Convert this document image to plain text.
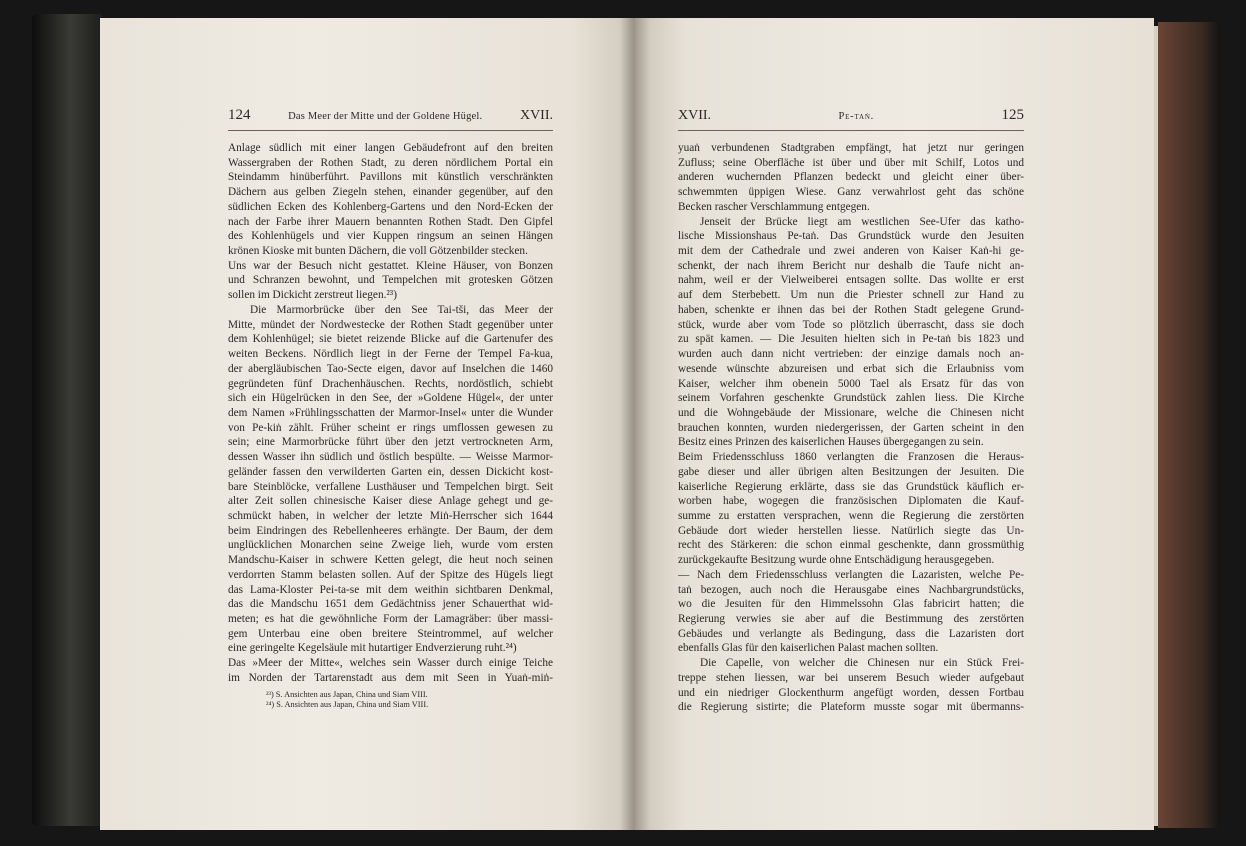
124	Das Meer der Mitte und der Goldene Hügel.	XVII.
Anlage südlich mit einer langen Gebäudefront auf den breiten
Wassergraben der Rothen Stadt, zu deren nördlichem Portal ein
Steindamm hinüberführt. Pavillons mit künstlich verschränkten
Dächern aus gelben Ziegeln stehen, einander gegenüber, auf den
südlichen Ecken des Kohlenberg-Gartens und den Nord-Ecken der
nach der Farbe ihrer Mauern benannten Rothen Stadt. Den Gipfel
des Kohlenhügels und vier Kuppen ringsum an seinen Hängen
krönen Kioske mit bunten Dächern, die voll Götzenbilder stecken.
Uns war der Besuch nicht gestattet. Kleine Häuser, von Bonzen
und Schranzen bewohnt, und Tempelchen mit grotesken Götzen
sollen im Dickicht zerstreut liegen.²³)
Die Marmorbrücke über den See Tai-tši, das Meer der
Mitte, mündet der Nordwestecke der Rothen Stadt gegenüber unter
dem Kohlenhügel; sie bietet reizende Blicke auf die Gartenufer des
weiten Beckens. Nördlich liegt in der Ferne der Tempel Fa-kua,
der abergläubischen Tao-Secte eigen, davor auf Inselchen die 1460
gegründeten fünf Drachenhäuschen. Rechts, nordöstlich, schiebt
sich ein Hügelrücken in den See, der »Goldene Hügel«, der unter
dem Namen »Frühlingsschatten der Marmor-Insel« unter die Wunder
von Pe-kiṅ zählt. Früher scheint er rings umflossen gewesen zu
sein; eine Marmorbrücke führt über den jetzt vertrockneten Arm,
dessen Wasser ihn südlich und östlich bespülte. — Weisse Marmor-
geländer fassen den verwilderten Garten ein, dessen Dickicht kost-
bare Steinblöcke, verfallene Lusthäuser und Tempelchen birgt. Seit
alter Zeit sollen chinesische Kaiser diese Anlage gehegt und ge-
schmückt haben, in welcher der letzte Miṅ-Herrscher sich 1644
beim Eindringen des Rebellenheeres erhängte. Der Baum, der dem
unglücklichen Monarchen seine Zweige lieh, wurde vom ersten
Mandschu-Kaiser in schwere Ketten gelegt, die heut noch seinen
verdorrten Stamm belasten sollen. Auf der Spitze des Hügels liegt
das Lama-Kloster Pei-ta-se mit dem weithin sichtbaren Denkmal,
das die Mandschu 1651 dem Gedächtniss jener Schauerthat wid-
meten; es hat die gewöhnliche Form der Lamagräber: über massi-
gem Unterbau eine oben breitere Steintrommel, auf welcher
eine geringelte Kegelsäule mit hutartiger Endverzierung ruht.²⁴)
Das »Meer der Mitte«, welches sein Wasser durch einige Teiche
im Norden der Tartarenstadt aus dem mit Seen in Yuaṅ-miṅ-
²³) S. Ansichten aus Japan, China und Siam VIII.
²⁴) S. Ansichten aus Japan, China und Siam VIII.
XVII.	Pe-taṅ.	125
yuaṅ verbundenen Stadtgraben empfängt, hat jetzt nur geringen
Zufluss; seine Oberfläche ist über und über mit Schilf, Lotos und
anderen wuchernden Pflanzen bedeckt und gleicht einer über-
schwemmten üppigen Wiese. Ganz verwahrlost geht das schöne
Becken rascher Verschlammung entgegen.
Jenseit der Brücke liegt am westlichen See-Ufer das katho-
lische Missionshaus Pe-taṅ. Das Grundstück wurde den Jesuiten
mit dem der Cathedrale und zwei anderen von Kaiser Kaṅ-hi ge-
schenkt, der nach ihrem Bericht nur deshalb die Taufe nicht an-
nahm, weil er der Vielweiberei entsagen sollte. Das wollte er erst
auf dem Sterbebett. Um nun die Priester schnell zur Hand zu
haben, schenkte er ihnen das bei der Rothen Stadt gelegene Grund-
stück, wurde aber vom Tode so plötzlich überrascht, dass sie doch
zu spät kamen. — Die Jesuiten hielten sich in Pe-taṅ bis 1823 und
wurden auch dann nicht vertrieben: der einzige damals noch an-
wesende wünschte abzureisen und erbat sich die Erlaubniss vom
Kaiser, welcher ihm obenein 5000 Tael als Ersatz für das von
seinem Vorfahren geschenkte Grundstück zahlen liess. Die Kirche
und die Wohngebäude der Missionare, welche die Chinesen nicht
brauchen konnten, wurden niedergerissen, der Garten scheint in den
Besitz eines Prinzen des kaiserlichen Hauses übergegangen zu sein.
Beim Friedensschluss 1860 verlangten die Franzosen die Heraus-
gabe dieser und aller übrigen alten Besitzungen der Jesuiten. Die
kaiserliche Regierung erklärte, dass sie das Grundstück käuflich er-
worben habe, wogegen die französischen Diplomaten die Kauf-
summe zu erstatten versprachen, wenn die Regierung die zerstörten
Gebäude dort wieder herstellen liesse. Natürlich siegte das Un-
recht des Stärkeren: die schon einmal geschenkte, dann grossmüthig
zurückgekaufte Besitzung wurde ohne Entschädigung herausgegeben.
— Nach dem Friedensschluss verlangten die Lazaristen, welche Pe-
taṅ bezogen, auch noch die Herausgabe eines Nachbargrundstücks,
wo die Jesuiten für den Himmelssohn Glas fabricirt hatten; die
Regierung verwies sie aber auf die Bestimmung des zerstörten
Gebäudes und verlangte als Bedingung, dass die Lazaristen dort
ebenfalls Glas für den kaiserlichen Palast machen sollten.
Die Capelle, von welcher die Chinesen nur ein Stück Frei-
treppe stehen liessen, war bei unserem Besuch wieder aufgebaut
und ein niedriger Glockenthurm angefügt worden, dessen Fortbau
die Regierung sistirte; die Plateform musste sogar mit übermanns-
